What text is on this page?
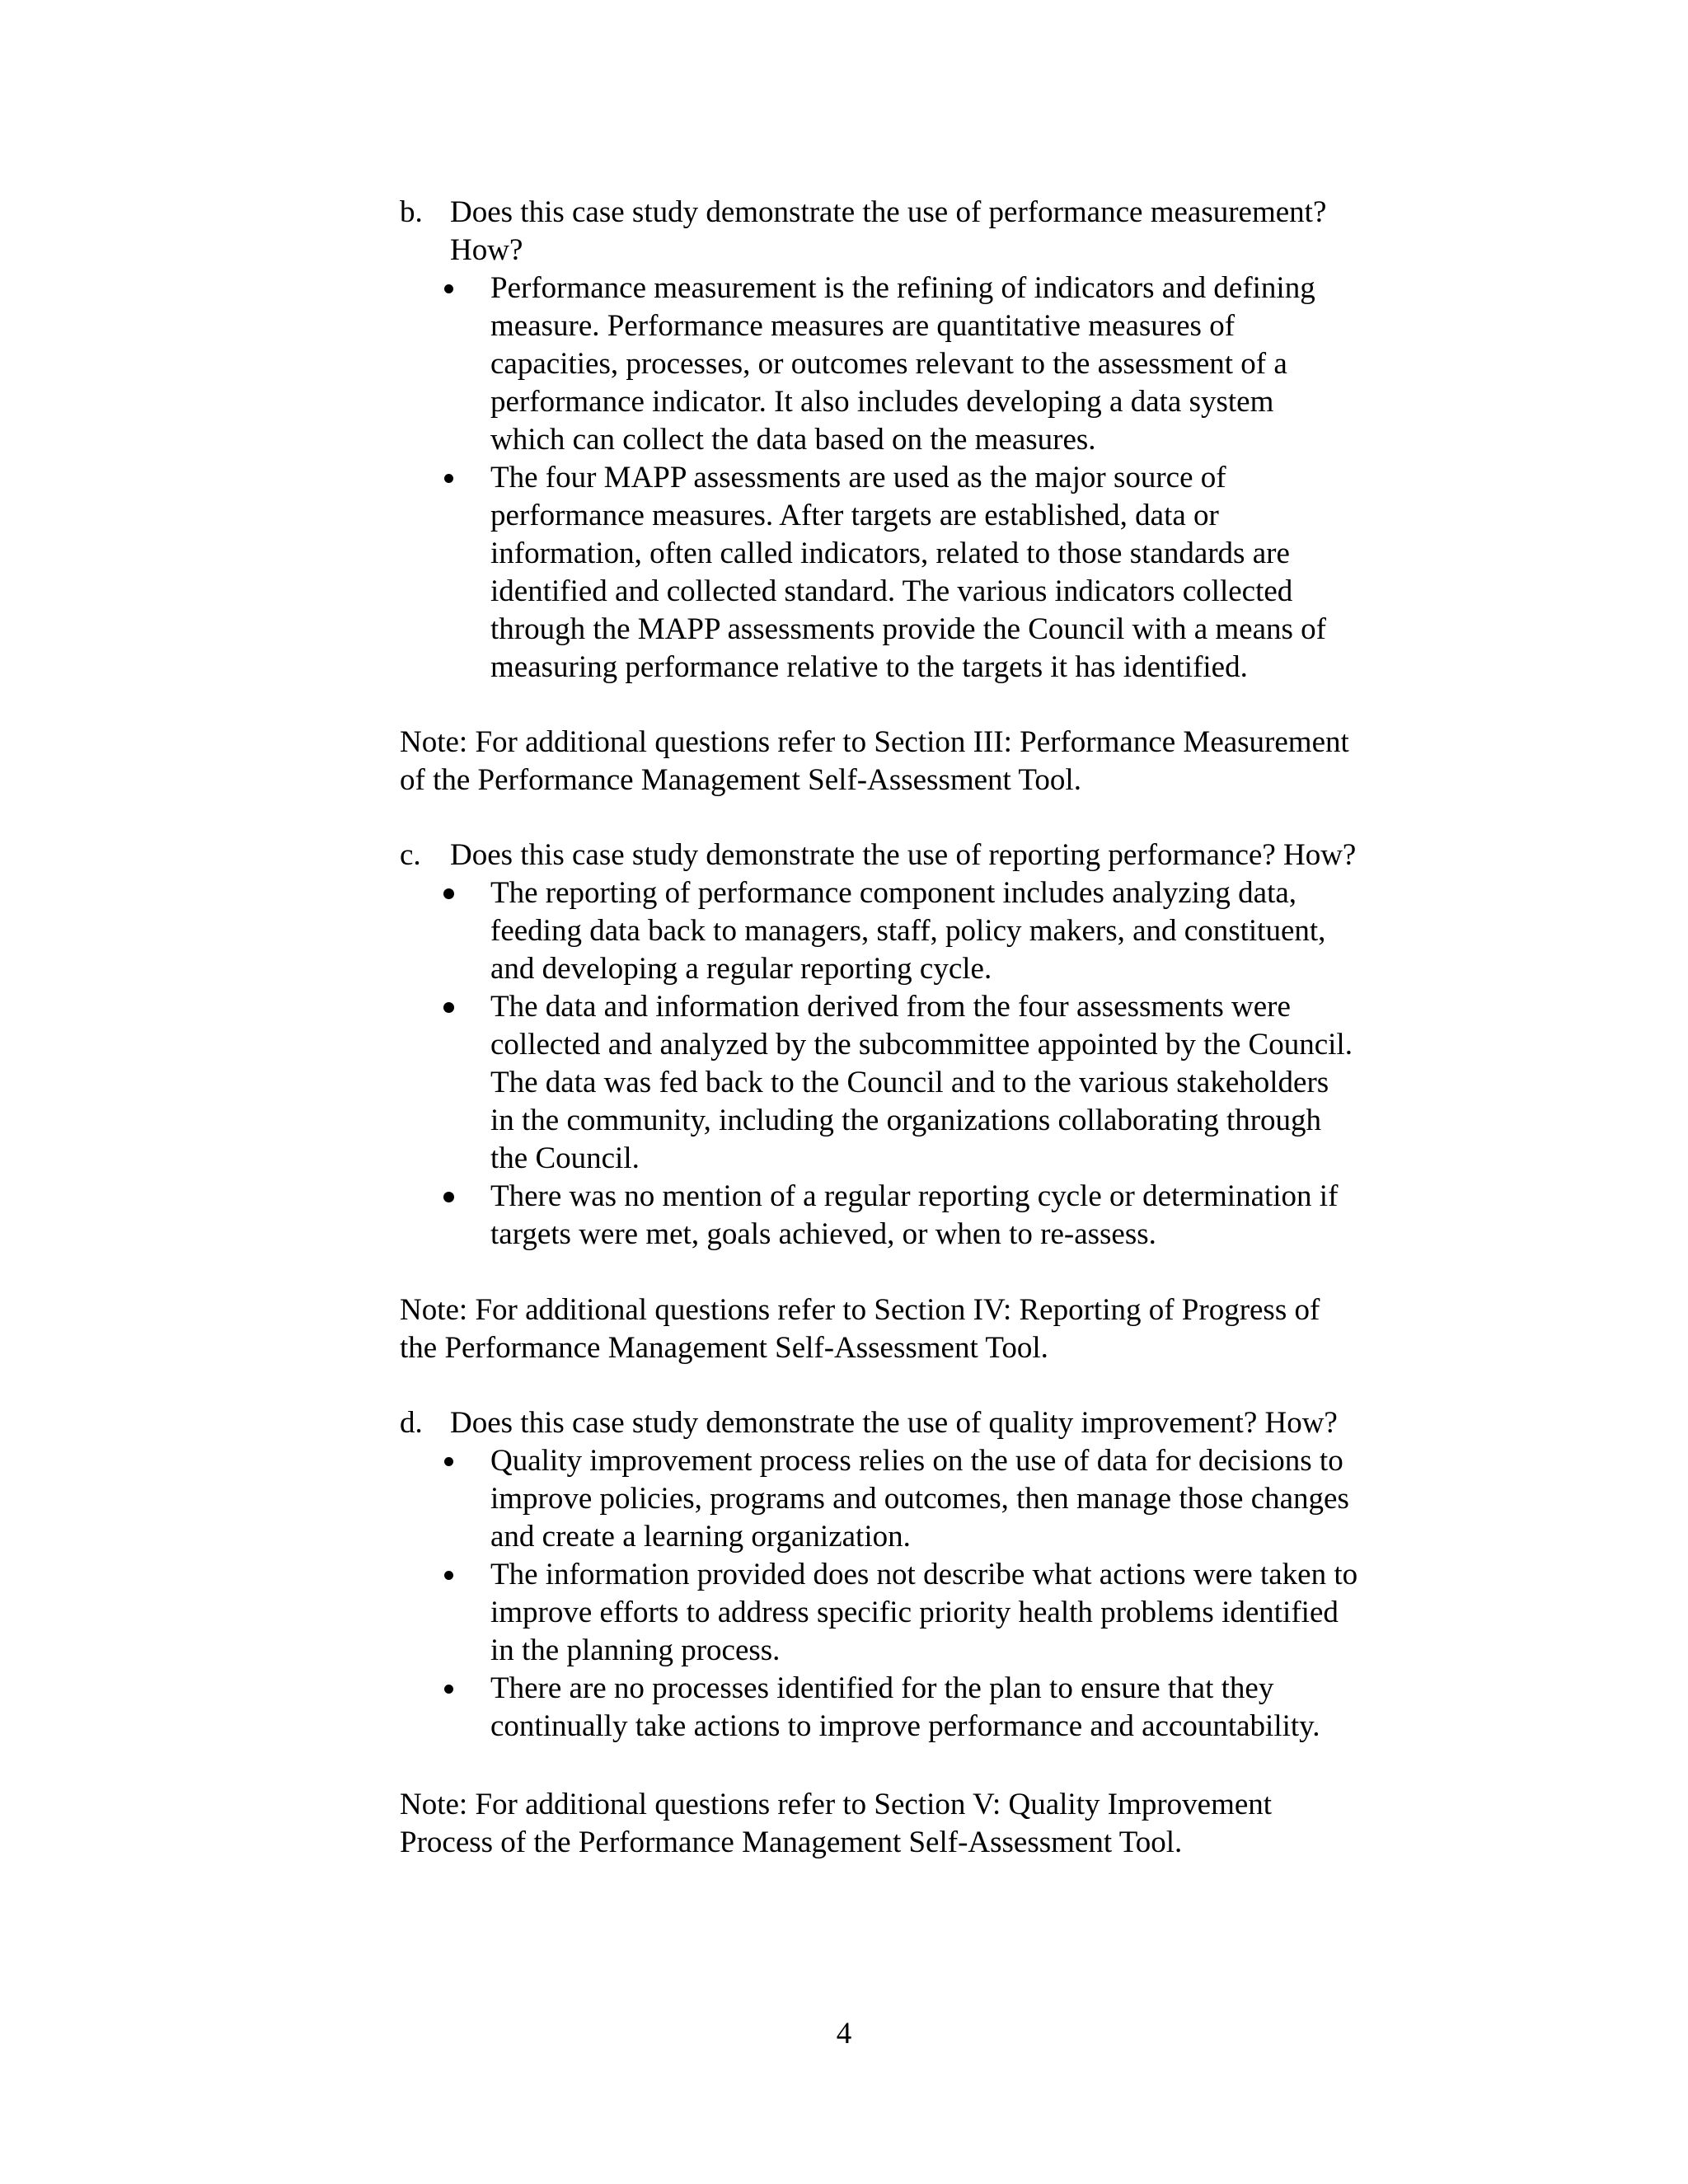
b. Does this case study demonstrate the use of performance measurement?
How?
Performance measurement is the refining of indicators and defining
measure. Performance measures are quantitative measures of
capacities, processes, or outcomes relevant to the assessment of a
performance indicator. It also includes developing a data system
which can collect the data based on the measures.
The four MAPP assessments are used as the major source of
performance measures. After targets are established, data or
information, often called indicators, related to those standards are
identified and collected standard. The various indicators collected
through the MAPP assessments provide the Council with a means of
measuring performance relative to the targets it has identified.
Note: For additional questions refer to Section III: Performance Measurement
of the Performance Management Self-Assessment Tool.
c. Does this case study demonstrate the use of reporting performance? How?
The reporting of performance component includes analyzing data,
feeding data back to managers, staff, policy makers, and constituent,
and developing a regular reporting cycle.
The data and information derived from the four assessments were
collected and analyzed by the subcommittee appointed by the Council.
The data was fed back to the Council and to the various stakeholders
in the community, including the organizations collaborating through
the Council.
There was no mention of a regular reporting cycle or determination if
targets were met, goals achieved, or when to re-assess.
Note: For additional questions refer to Section IV: Reporting of Progress of
the Performance Management Self-Assessment Tool.
d. Does this case study demonstrate the use of quality improvement? How?
Quality improvement process relies on the use of data for decisions to
improve policies, programs and outcomes, then manage those changes
and create a learning organization.
The information provided does not describe what actions were taken to
improve efforts to address specific priority health problems identified
in the planning process.
There are no processes identified for the plan to ensure that they
continually take actions to improve performance and accountability.
Note: For additional questions refer to Section V: Quality Improvement
Process of the Performance Management Self-Assessment Tool.
4
